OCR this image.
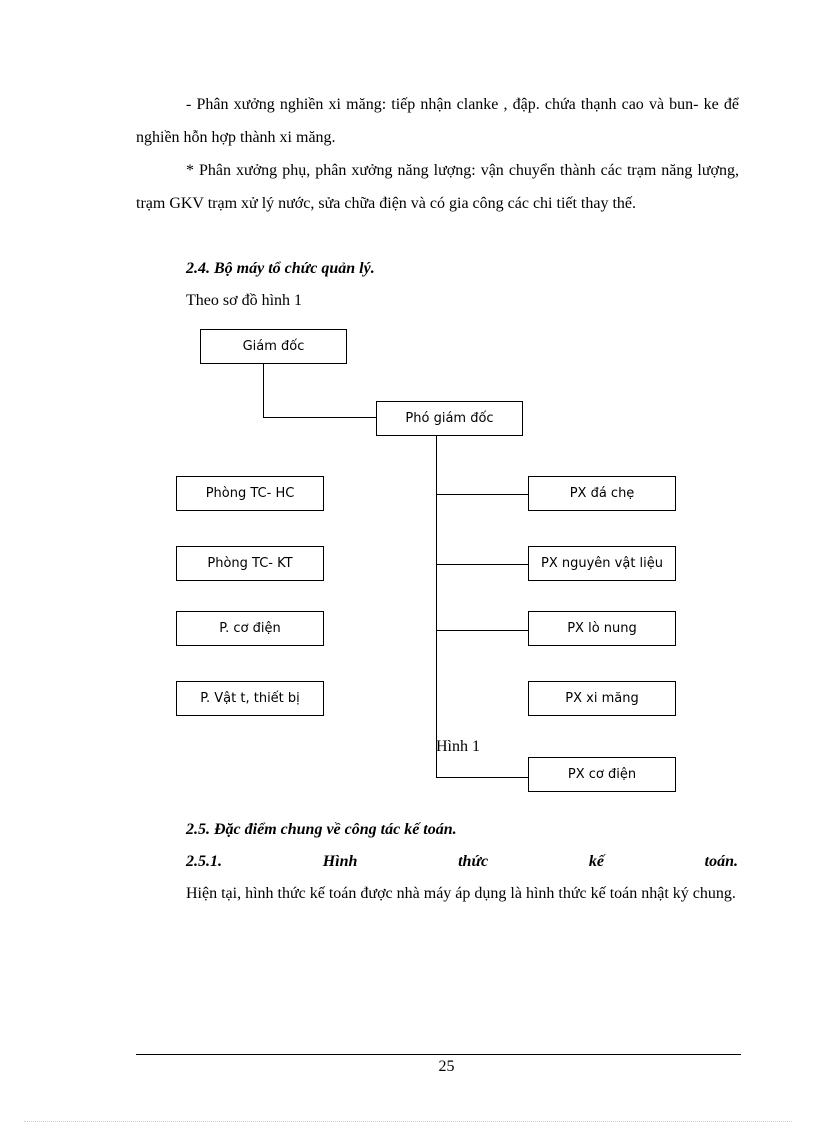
- Phân xưởng nghiền xi măng: tiếp nhận clanke , đập. chứa thạnh cao và bun- ke để nghiền hỗn hợp thành xi măng.

* Phân xưởng phụ, phân xưởng năng lượng: vận chuyển thành các trạm năng lượng, trạm GKV trạm xử lý nước, sửa chữa điện và có gia công các chi tiết thay thế.

2.4. Bộ máy tổ chức quản lý.

Theo sơ đồ hình 1

Giám đốc
Phó giám đốc
Phòng TC- HC
Phòng TC- KT
P. cơ điện
P. Vật t, thiết bị
PX đá chẹ
PX nguyên vật liệu
PX lò nung
PX xi măng
PX cơ điện
Hình 1

2.5. Đặc điểm chung về công tác kế toán.

2.5.1.	Hình	thức	kế	toán.

Hiện tại, hình thức kế toán được nhà máy áp dụng là hình thức kế toán nhật ký chung.

25
